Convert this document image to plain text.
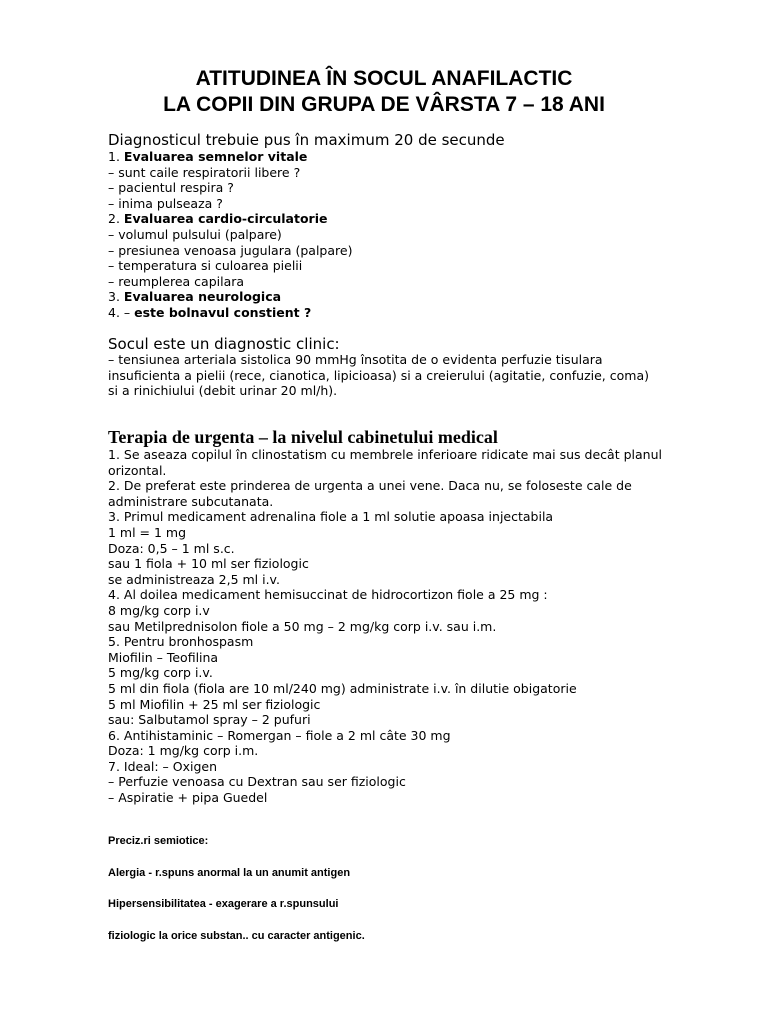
ATITUDINEA ÎN SOCUL ANAFILACTIC
LA COPII DIN GRUPA DE VÂRSTA 7 – 18 ANI
Diagnosticul trebuie pus în maximum 20 de secunde
1. Evaluarea semnelor vitale
– sunt caile respiratorii libere ?
– pacientul respira ?
– inima pulseaza ?
2. Evaluarea cardio-circulatorie
– volumul pulsului (palpare)
– presiunea venoasa jugulara (palpare)
– temperatura si culoarea pielii
– reumplerea capilara
3. Evaluarea neurologica
4. – este bolnavul constient ?
Socul este un diagnostic clinic:
– tensiunea arteriala sistolica 90 mmHg însotita de o evidenta perfuzie tisulara
insuficienta a pielii (rece, cianotica, lipicioasa) si a creierului (agitatie, confuzie, coma)
si a rinichiului (debit urinar 20 ml/h).
Terapia de urgenta – la nivelul cabinetului medical
1. Se aseaza copilul în clinostatism cu membrele inferioare ridicate mai sus decât planul
orizontal.
2. De preferat este prinderea de urgenta a unei vene. Daca nu, se foloseste cale de
administrare subcutanata.
3. Primul medicament adrenalina fiole a 1 ml solutie apoasa injectabila
1 ml = 1 mg
Doza: 0,5 – 1 ml s.c.
sau 1 fiola + 10 ml ser fiziologic
se administreaza 2,5 ml i.v.
4. Al doilea medicament hemisuccinat de hidrocortizon fiole a 25 mg :
8 mg/kg corp i.v
sau Metilprednisolon fiole a 50 mg – 2 mg/kg corp i.v. sau i.m.
5. Pentru bronhospasm
Miofilin – Teofilina
5 mg/kg corp i.v.
5 ml din fiola (fiola are 10 ml/240 mg) administrate i.v. în dilutie obigatorie
5 ml Miofilin + 25 ml ser fiziologic
sau: Salbutamol spray – 2 pufuri
6. Antihistaminic – Romergan – fiole a 2 ml câte 30 mg
Doza: 1 mg/kg corp i.m.
7. Ideal: – Oxigen
– Perfuzie venoasa cu Dextran sau ser fiziologic
– Aspiratie + pipa Guedel
Preciz.ri semiotice:
Alergia - r.spuns anormal la un anumit antigen
Hipersensibilitatea - exagerare a r.spunsului
fiziologic la orice substan.. cu caracter antigenic.
